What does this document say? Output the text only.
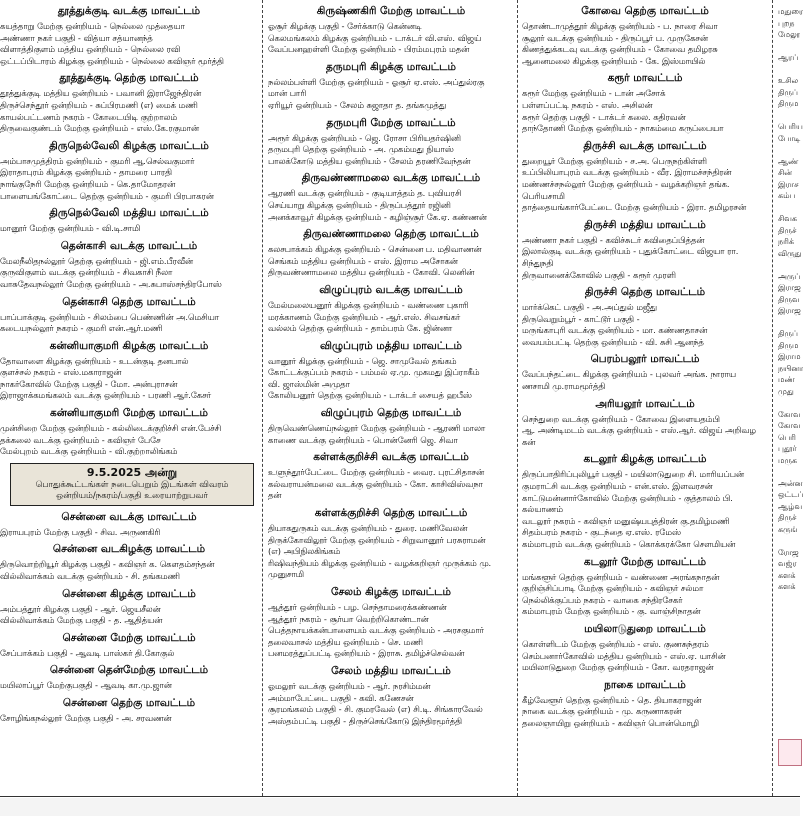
தூத்துக்குடி வடக்கு மாவட்டம்
கயத்தாறு மேற்கு ஒன்றியம் - நெல்லை முத்தையா
அண்ணா நகர் பகுதி - வித்யா சத்யானந்த்
விளாத்திகுளம் மத்திய ஒன்றியம் - நெல்லை ரவி
ஒட்டப்பிடாரம் கிழக்கு ஒன்றியம் - நெல்லை கவிஞர் மூர்த்தி
தூத்துக்குடி தெற்கு மாவட்டம்
தூத்துக்குடி மத்திய ஒன்றியம் - பவானி இராஜேந்திரன்
திருச்செந்தூர் ஒன்றியம் - சுப்பிரமணி (எ) மைக் மணி
காயல்பட்டணம் நகரம் - கோடையிடி குற்றாலம்
திருவைகுண்டம் மேற்கு ஒன்றியம் - எஸ்.கே.ரகுமான்
திருநெல்வேலி கிழக்கு மாவட்டம்
அம்பாசமுத்திரம் ஒன்றியம் - குமரி ஆ.செல்வகுமார்
இராதாபுரம் கிழக்கு ஒன்றியம் - தாமரை பாரதி
நாங்குநேரி மேற்கு ஒன்றியம் - கெ.தாமோதரன்
பாளையங்கோட்டை தெற்கு ஒன்றியம் - குமரி பிரபாகரன்
திருநெல்வேலி மத்திய மாவட்டம்
மானூர் மேற்கு ஒன்றியம் - வி.டி.சாமி
தென்காசி வடக்கு மாவட்டம்
மேலநீலிதநல்லூர் தெற்கு ஒன்றியம் - ஜி.எம்.பீரவீன்
குருவிகுளம் வடக்கு ஒன்றியம் - சிவகாசி நீலா
வாசுதேவநல்லூர் மேற்கு ஒன்றியம் - அ.சுபாஸ்சந்திரபோஸ்
தென்காசி தெற்கு மாவட்டம்
பாப்பாக்குடி ஒன்றியம் - சிலம்பை பெண்ணின் அ.மெசியா
கடையநல்லூர் நகரம் - குமரி என்.ஆர்.மணி
கன்னியாகுமரி கிழக்கு மாவட்டம்
தோவாளை கிழக்கு ஒன்றியம் - உடன்குடி தனபால்
குளச்சல் நகரம் - எஸ்.மகாராஜன்
நாகர்கோவில் மேற்கு பகுதி - மோ. அன்புராசன்
இராஜாக்கமங்கலம் வடக்கு ஒன்றியம் - பரணி ஆர்.கேசர்
கன்னியாகுமரி மேற்கு மாவட்டம்
முன்சிறை மேற்கு ஒன்றியம் - கல்லிடைக்குறிச்சி என்.பேச்சி
தக்கலை வடக்கு ஒன்றியம் - கவிஞர் பேசே
மேல்புறம் வடக்கு ஒன்றியம் - வி.குற்றாலிங்கம்
9.5.2025 அன்று
பொதுக்கூட்டங்கள் நடைபெறும் இடங்கள் விவரம்
ஒன்றியம்/நகரம்/பகுதி உரையாற்றுபவர்
சென்னை வடக்கு மாவட்டம்
இராயபுரம் மேற்கு பகுதி - சிவ. அருணகிரி
சென்னை வடகிழக்கு மாவட்டம்
திருவொற்றியூர் கிழக்கு பகுதி - கவிஞர் க. கௌதம்சந்தன்
வில்லிவாக்கம் வடக்கு ஒன்றியம் - சி. தங்கமணி
சென்னை கிழக்கு மாவட்டம்
அம்பத்தூர் கிழக்கு பகுதி - ஆர். ஜெயசீலன்
வில்லிவாக்கம் மேற்கு பகுதி - த. ஆதித்யன்
சென்னை மேற்கு மாவட்டம்
சேப்பாக்கம் பகுதி - ஆவடி பாஸ்கர் தி.கோகுல்
சென்னை தென்மேற்கு மாவட்டம்
மயிலாப்பூர் மேற்குபகுதி - ஆவடி கா.மு.ஜான்
சென்னை தெற்கு மாவட்டம்
சோழிங்கநல்லூர் மேற்கு பகுதி - அ. சரவணன்
கிருஷ்ணகிரி மேற்கு மாவட்டம்
ஓசூர் கிழக்கு பகுதி - சேர்க்காடு கென்னடி
கெலமங்கலம் கிழக்கு ஒன்றியம் - டாக்டர் வி.எஸ். விஜய்
வேப்பனஹள்ளி மேற்கு ஒன்றியம் - பிரம்மபுரம் மதன்
தருமபுரி கிழக்கு மாவட்டம்
நல்லம்பள்ளி மேற்கு ஒன்றியம் - ஓசூர் ஏ.எஸ். அப்துல்ரகு
மான் பாரி
ஏரியூர் ஒன்றியம் - சேலம் சுஜாதா த. தங்கமுத்து
தருமபுரி மேற்கு மாவட்டம்
அரூர் கிழக்கு ஒன்றியம் - ஜெ. ரோசா பிரியதர்ஷினி
தருமபுரி தெற்கு ஒன்றியம் - அ. முகம்மது நியாஸ்
பாலக்கோடு மத்திய ஒன்றியம் - சேலம் தரணிவேந்தன்
திருவண்ணாமலை வடக்கு மாவட்டம்
ஆரணி வடக்கு ஒன்றியம் - குடியாத்தம் த. புவியரசி
செய்யாறு கிழக்கு ஒன்றியம் - திருப்பத்தூர் ரஜினி
அனக்காவூர் கிழக்கு ஒன்றியம் - கழிஞ்சூர் கே.ஏ. கண்ணன்
திருவண்ணாமலை தெற்கு மாவட்டம்
கலசபாக்கம் கிழக்கு ஒன்றியம் - சென்னை ப. மதிவாணன்
செங்கம் மத்திய ஒன்றியம் - எஸ். இராம அசோகன்
திருவண்ணாமலை மத்திய ஒன்றியம் - கோவி. லெனின்
விழுப்புரம் வடக்கு மாவட்டம்
மேல்மலையனூர் கிழக்கு ஒன்றியம் - வண்ணை புகாரி
மரக்காணம் மேற்கு ஒன்றியம் - ஆர்.எஸ். சிவசங்கர்
வல்லம் தெற்கு ஒன்றியம் - தாம்பரம் கே. ஜின்னா
விழுப்புரம் மத்திய மாவட்டம்
வானூர் கிழக்கு ஒன்றியம் - ஜெ. சாமுவேல் தங்கம்
கோட்டக்குப்பம் நகரம் - பம்மல் ஏ.மு. முகமது இப்ராகீம்
வி. ஜாஸ்மின் அமுதா
கோலியனூர் தெற்கு ஒன்றியம் - டாக்டர் சையத் ஹபீஸ்
விழுப்புரம் தெற்கு மாவட்டம்
திருவெண்ணெய்நல்லூர் மேற்கு ஒன்றியம் - ஆரணி மாலா
காணை வடக்கு ஒன்றியம் - பொன்னேரி ஜெ. சிவா
கள்ளக்குறிச்சி வடக்கு மாவட்டம்
உளுந்தூர்பேட்டை மேற்கு ஒன்றியம் - வைர. புரட்சிதாசன்
கல்வராயன்மலை வடக்கு ஒன்றியம் - கோ. காசிவிஸ்வநா
தன்
கள்ளக்குறிச்சி தெற்கு மாவட்டம்
தியாகதுருகம் வடக்கு ஒன்றியம் - துரை. மணிவேலன்
திருக்கோவிலூர் மேற்கு ஒன்றியம் - சிறுவானூர் பரசுராமன்
(எ) அபிநிலகிங்கம்
ரிஷிவந்தியம் கிழக்கு ஒன்றியம் - வழக்கறிஞர் முருக்கம் மு.
முனுசாமி
சேலம் கிழக்கு மாவட்டம்
ஆத்தூர் ஒன்றியம் - பழ. செந்தாமரைக்கண்ணன்
ஆத்தூர் நகரம் - சூர்யா வெற்றிகொண்டான்
பெத்தநாயக்கன்பாளையம் வடக்கு ஒன்றியம் - அரசகுமார்
தலைவாசல் மத்திய ஒன்றியம் - செ. மணி
பனமரத்துப்பட்டி ஒன்றியம் - இராசு. தமிழ்ச்செல்வன்
சேலம் மத்திய மாவட்டம்
ஓமலூர் வடக்கு ஒன்றியம் - ஆர். நரசிம்மன்
அம்மாபேட்டை பகுதி - கவி. கணேசன்
சூரமங்கலம் பகுதி - சி. குமரவேல் (எ) சி.டி. சிங்காரவேல்
அஸ்தம்பட்டி பகுதி - திருச்செங்கோடு இந்திரமூர்த்தி
கோவை தெற்கு மாவட்டம்
தொண்டாமுத்தூர் கிழக்கு ஒன்றியம் - ப. நாரை சிவா
சூலூர் வடக்கு ஒன்றியம் - திருப்பூர் ப. முருகேசன்
கிணத்துக்கடவு வடக்கு ஒன்றியம் - கோவை தமிழரசு
ஆனைமலை கிழக்கு ஒன்றியம் - கே. இஸ்மாயில்
கரூர் மாவட்டம்
கரூர் மேற்கு ஒன்றியம் - டான் அசோக்
பள்ளப்பட்டி நகரம் - எஸ். அசிலன்
கரூர் தெற்கு பகுதி - டாக்டர் கலை. கதிரவன்
தாந்தோணி மேற்கு ஒன்றியம் - நாகம்மை கருப்பையா
திருச்சி வடக்கு மாவட்டம்
துறையூர் மேற்கு ஒன்றியம் - ச.அ. பெருநற்கிள்ளி
உப்பிலியாபுரம் வடக்கு ஒன்றியம் - வீர. இராமச்சந்திரன்
மண்ணச்சநல்லூர் மேற்கு ஒன்றியம் - வழக்கறிஞர் தங்க.
பெரியசாமி
தாத்தையங்கார்பேட்டை மேற்கு ஒன்றியம் - இரா. தமிழரசன்
திருச்சி மத்திய மாவட்டம்
அண்ணா நகர் பகுதி - கவிச்சுடர் கவிதைப்பித்தன்
இலால்குடி வடக்கு ஒன்றியம் - புதுக்கோட்டை விஜயா ரா.
சிந்துநதி
திருவானைக்கோவில் பகுதி - கரூர் முரளி
திருச்சி தெற்கு மாவட்டம்
மார்க்கெட் பகுதி - அ.அப்துல் மஜீது
திருவெறும்பூர் - காட்டூர் பகுதி -
மருங்காபுரி வடக்கு ஒன்றியம் - மா. கண்ணதாசன்
வையம்பட்டி தெற்கு ஒன்றியம் - வி. சுசி ஆனந்த்
பெரம்பலூர் மாவட்டம்
வேப்பந்தட்டை கிழக்கு ஒன்றியம் - புலவர் அங்க. நாராய
ணசாமி மு.ராமமூர்த்தி
அரியலூர் மாவட்டம்
செந்துறை வடக்கு ஒன்றியம் - கோவை இளையதம்பி
ஆ. அண்டிமடம் வடக்கு ஒன்றியம் - எஸ்.ஆர். விஜய் அறிவழ
கன்
கடலூர் கிழக்கு மாவட்டம்
திருப்பாதிரிப்புலியூர் பகுதி - மயிலாடுதுறை சி. மாரியப்பன்
குமராட்சி வடக்கு ஒன்றியம் - என்.எஸ். இளவரசன்
காட்டுமன்னார்கோவில் மேற்கு ஒன்றியம் - குத்தாலம் பி.
கல்யாணம்
வடலூர் நகரம் - கவிஞர் மனுஷ்யபுத்திரன் கு.தமிழ்மணி
சிதம்பரம் நகரம் - குடந்தை ஏ.எஸ். ரமேஸ்
கம்மாபுரம் வடக்கு ஒன்றியம் - கொக்கரக்கோ சௌமியன்
கடலூர் மேற்கு மாவட்டம்
மங்களூர் தெற்கு ஒன்றியம் - வண்ணை அரங்கநாதன்
குறிஞ்சிப்பாடி மேற்கு ஒன்றியம் - கவிஞர் சல்மா
நெல்லிக்குப்பம் நகரம் - வாகை சந்திரசேகர்
கம்மாபுரம் மேற்கு ஒன்றியம் - கு. வாஞ்சிநாதன்
மயிலாடுதுறை மாவட்டம்
கொள்ளிடம் மேற்கு ஒன்றியம் - எஸ். குணசுந்தரம்
செம்பனார்கோவில் மத்திய ஒன்றியம் - எஸ்.ஏ. யாசின்
மயிலாடுதுறை மேற்கு ஒன்றியம் - கோ. வரதராஜன்
நாகை மாவட்டம்
கீழ்வேளூர் தெற்கு ஒன்றியம் - தெ. தியாகராஜன்
நாகை வடக்கு ஒன்றியம் - மு. கருணாகரன்
தலைஞாயிறு ஒன்றியம் - கவிஞர் பொன்மொழி
மதுரை
புறந
மேலூ
ஆரப்
உசில
திருப்
திரும
பெரிய
போடி
ஆண்
சின்
இராச
கம்ப
சிவக
திருச்
நரிக்
விருது
அருப்
இராஜ
திருவ
இராஜ
திருப்
திரும
இராம
நயினா
மண்
முது
கோவ
கோவ
பெரி
புதூர்
மருக
அன்ன
ஒட்டப்
ஆழ்வ
திருச்
கருங்
ரோஜ
வஜ்ர
களக்
களக்
